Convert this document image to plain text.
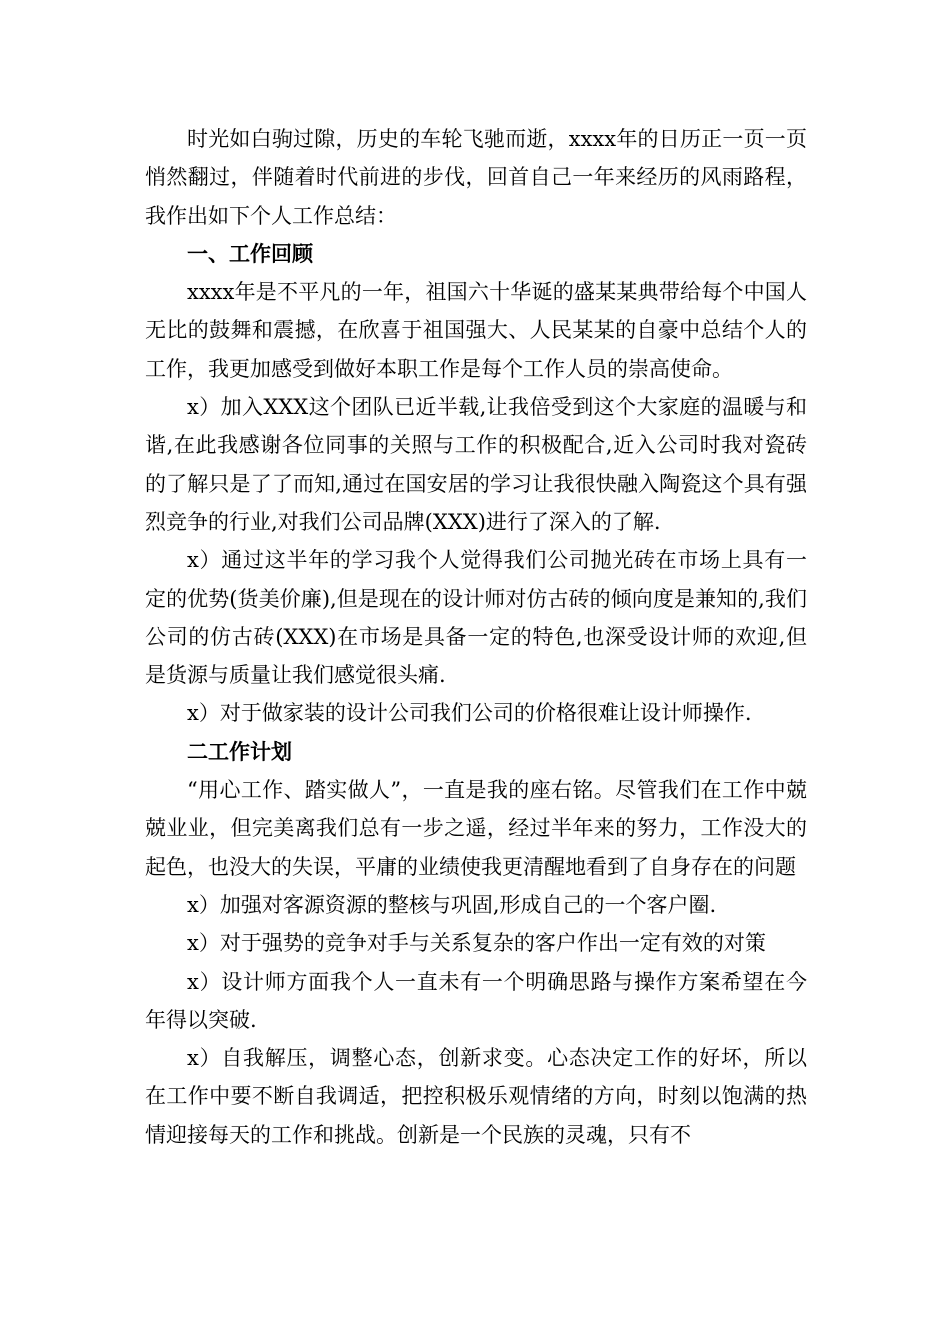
时光如白驹过隙，历史的车轮飞驰而逝，xxxx年的日历正一页一页悄然翻过，伴随着时代前进的步伐，回首自己一年来经历的风雨路程，我作出如下个人工作总结：

一、工作回顾

xxxx年是不平凡的一年，祖国六十华诞的盛某某典带给每个中国人无比的鼓舞和震撼，在欣喜于祖国强大、人民某某的自豪中总结个人的工作，我更加感受到做好本职工作是每个工作人员的崇高使命。

x）加入XXX这个团队已近半载,让我倍受到这个大家庭的温暖与和谐,在此我感谢各位同事的关照与工作的积极配合,近入公司时我对瓷砖的了解只是了了而知,通过在国安居的学习让我很快融入陶瓷这个具有强烈竞争的行业,对我们公司品牌(XXX)进行了深入的了解.

x）通过这半年的学习我个人觉得我们公司抛光砖在市场上具有一定的优势(货美价廉),但是现在的设计师对仿古砖的倾向度是兼知的,我们公司的仿古砖(XXX)在市场是具备一定的特色,也深受设计师的欢迎,但是货源与质量让我们感觉很头痛.

x）对于做家装的设计公司我们公司的价格很难让设计师操作.

二工作计划

“用心工作、踏实做人”，一直是我的座右铭。尽管我们在工作中兢兢业业，但完美离我们总有一步之遥，经过半年来的努力，工作没大的起色，也没大的失误，平庸的业绩使我更清醒地看到了自身存在的问题

x）加强对客源资源的整核与巩固,形成自己的一个客户圈.

x）对于强势的竞争对手与关系复杂的客户作出一定有效的对策

x）设计师方面我个人一直未有一个明确思路与操作方案希望在今年得以突破.

x）自我解压，调整心态，创新求变。心态决定工作的好坏，所以在工作中要不断自我调适，把控积极乐观情绪的方向，时刻以饱满的热情迎接每天的工作和挑战。创新是一个民族的灵魂，只有不
